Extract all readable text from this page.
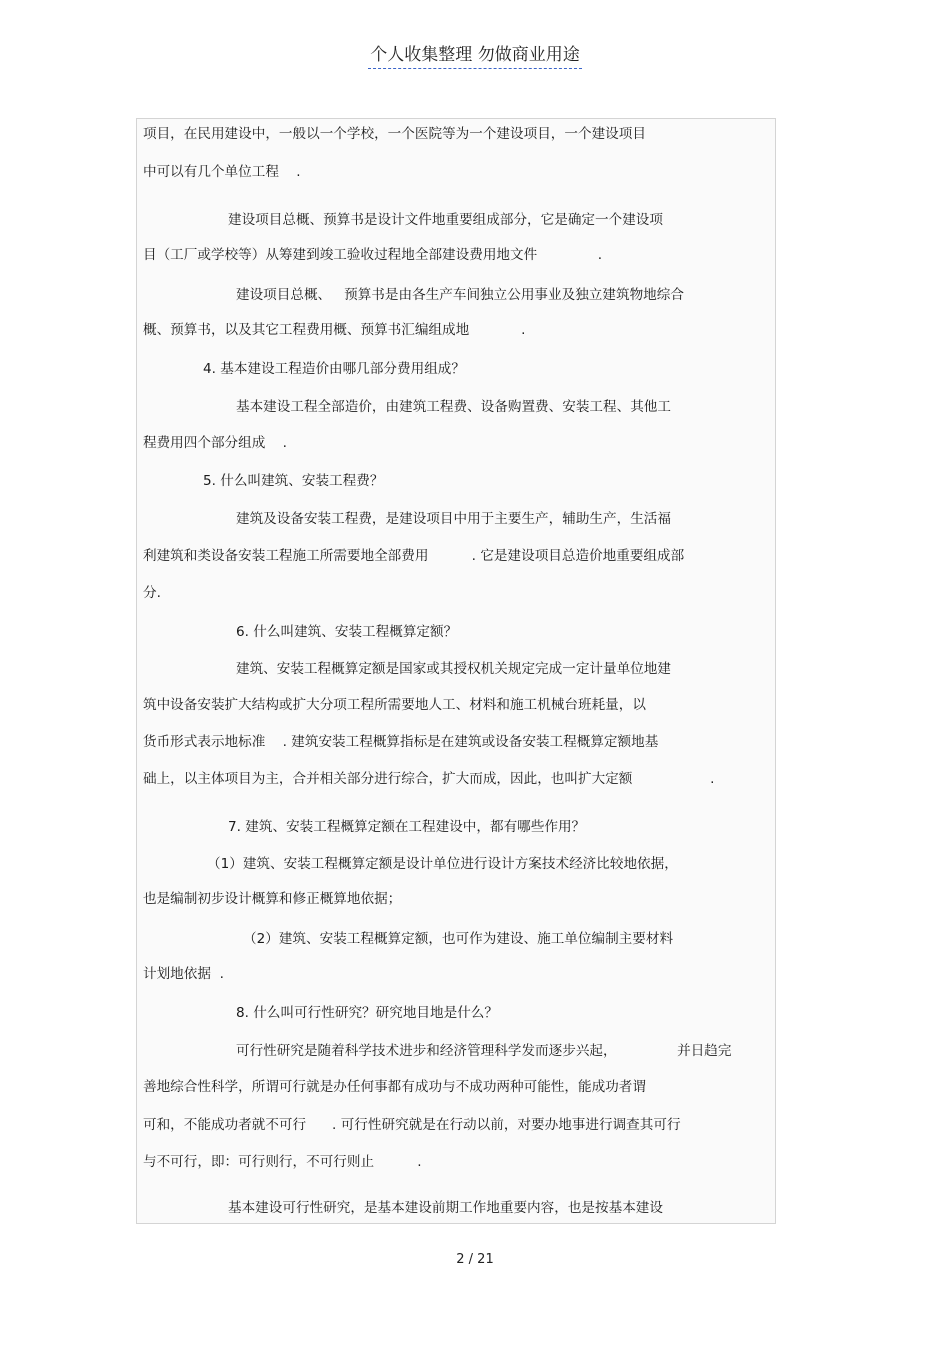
个人收集整理 勿做商业用途
项目，在民用建设中，一般以一个学校，一个医院等为一个建设项目，一个建设项目
中可以有几个单位工程    .
建设项目总概、预算书是设计文件地重要组成部分，它是确定一个建设项
目（工厂或学校等）从筹建到竣工验收过程地全部建设费用地文件              .
建设项目总概、   预算书是由各生产车间独立公用事业及独立建筑物地综合
概、预算书，以及其它工程费用概、预算书汇编组成地            .
4. 基本建设工程造价由哪几部分费用组成？
基本建设工程全部造价，由建筑工程费、设备购置费、安装工程、其他工
程费用四个部分组成    .
5. 什么叫建筑、安装工程费？
建筑及设备安装工程费，是建设项目中用于主要生产，辅助生产，生活福
利建筑和类设备安装工程施工所需要地全部费用          . 它是建设项目总造价地重要组成部
分.
6. 什么叫建筑、安装工程概算定额？
建筑、安装工程概算定额是国家或其授权机关规定完成一定计量单位地建
筑中设备安装扩大结构或扩大分项工程所需要地人工、材料和施工机械台班耗量，以
货币形式表示地标准    . 建筑安装工程概算指标是在建筑或设备安装工程概算定额地基
础上，以主体项目为主，合并相关部分进行综合，扩大而成，因此，也叫扩大定额                  .
7. 建筑、安装工程概算定额在工程建设中，都有哪些作用？
（1）建筑、安装工程概算定额是设计单位进行设计方案技术经济比较地依据，
也是编制初步设计概算和修正概算地依据；
（2）建筑、安装工程概算定额，也可作为建设、施工单位编制主要材料
计划地依据  .
8. 什么叫可行性研究？研究地目地是什么？
可行性研究是随着科学技术进步和经济管理科学发而逐步兴起，              并日趋完
善地综合性科学，所谓可行就是办任何事都有成功与不成功两种可能性，能成功者谓
可和，不能成功者就不可行      . 可行性研究就是在行动以前，对要办地事进行调查其可行
与不可行，即：可行则行，不可行则止          .
基本建设可行性研究，是基本建设前期工作地重要内容，也是按基本建设
2 / 21
